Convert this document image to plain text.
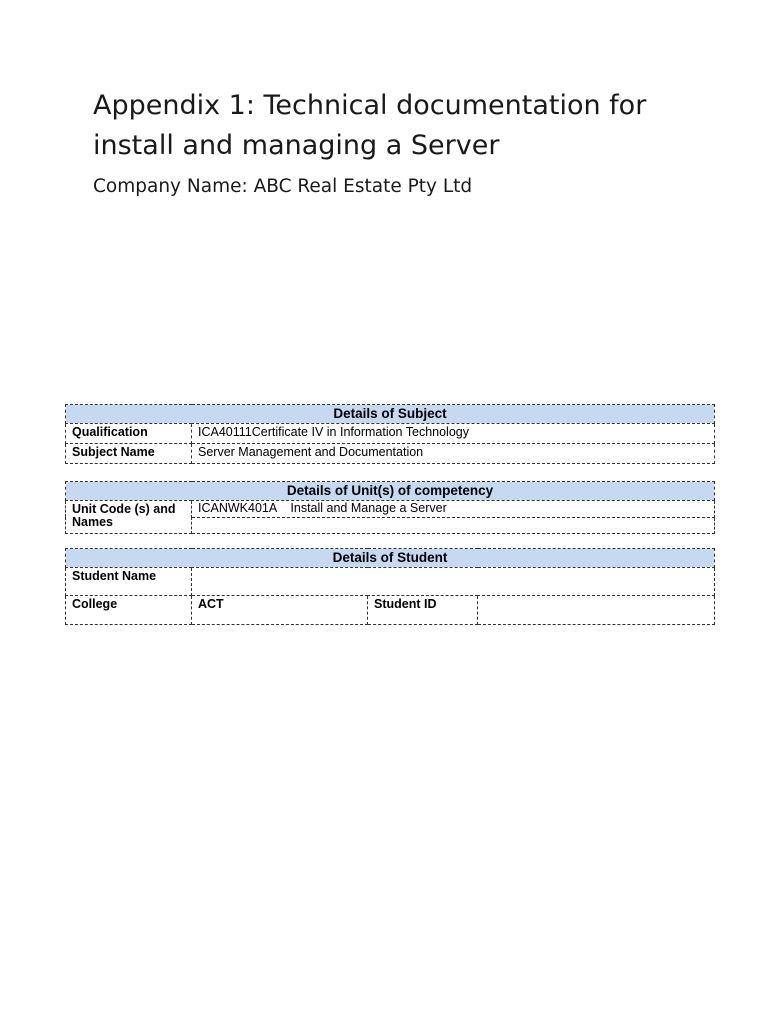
Appendix 1: Technical documentation for install and managing a Server

Company Name: ABC Real Estate Pty Ltd

Details of Subject	
Qualification	ICA40111Certificate IV in Information Technology
Subject Name	Server Management and Documentation
Details of Unit(s) of competency
Unit Code (s) and Names	ICANWK401A    Install and Manage a Server

Details of Student			
Student Name			
College	ACT	Student ID	
